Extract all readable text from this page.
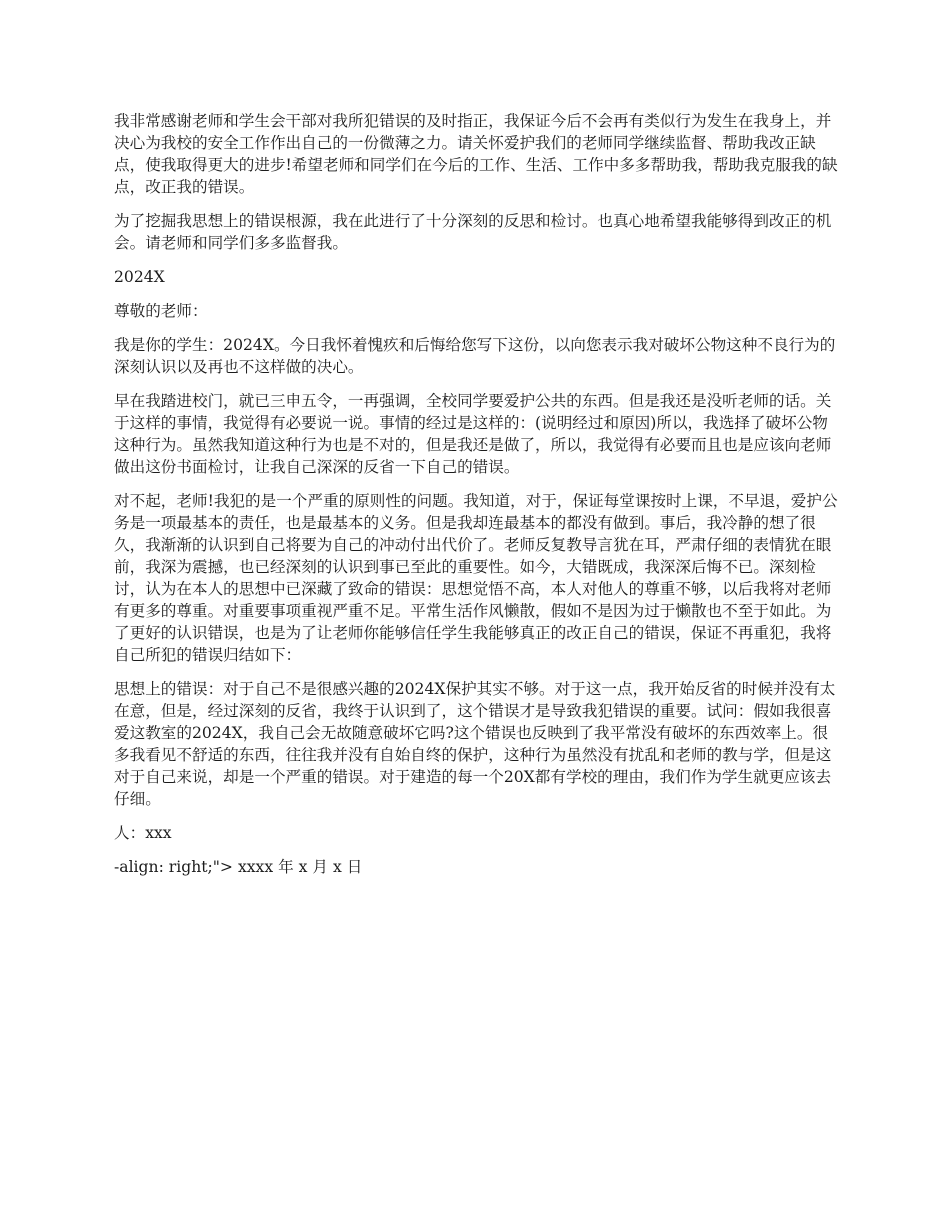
我非常感谢老师和学生会干部对我所犯错误的及时指正，我保证今后不会再有类似行为发生在我身上，并决心为我校的安全工作作出自己的一份微薄之力。请关怀爱护我们的老师同学继续监督、帮助我改正缺点，使我取得更大的进步!希望老师和同学们在今后的工作、生活、工作中多多帮助我，帮助我克服我的缺点，改正我的错误。

为了挖掘我思想上的错误根源，我在此进行了十分深刻的反思和检讨。也真心地希望我能够得到改正的机会。请老师和同学们多多监督我。

2024X

尊敬的老师：

我是你的学生：2024X。今日我怀着愧疚和后悔给您写下这份，以向您表示我对破坏公物这种不良行为的深刻认识以及再也不这样做的决心。

早在我踏进校门，就已三申五令，一再强调，全校同学要爱护公共的东西。但是我还是没听老师的话。关于这样的事情，我觉得有必要说一说。事情的经过是这样的：(说明经过和原因)所以，我选择了破坏公物这种行为。虽然我知道这种行为也是不对的，但是我还是做了，所以，我觉得有必要而且也是应该向老师做出这份书面检讨，让我自己深深的反省一下自己的错误。

对不起，老师!我犯的是一个严重的原则性的问题。我知道，对于，保证每堂课按时上课，不早退，爱护公务是一项最基本的责任，也是最基本的义务。但是我却连最基本的都没有做到。事后，我冷静的想了很久，我渐渐的认识到自己将要为自己的冲动付出代价了。老师反复教导言犹在耳，严肃仔细的表情犹在眼前，我深为震撼，也已经深刻的认识到事已至此的重要性。如今，大错既成，我深深后悔不已。深刻检讨，认为在本人的思想中已深藏了致命的错误：思想觉悟不高，本人对他人的尊重不够，以后我将对老师有更多的尊重。对重要事项重视严重不足。平常生活作风懒散，假如不是因为过于懒散也不至于如此。为了更好的认识错误，也是为了让老师你能够信任学生我能够真正的改正自己的错误，保证不再重犯，我将自己所犯的错误归结如下：

思想上的错误：对于自己不是很感兴趣的2024X保护其实不够。对于这一点，我开始反省的时候并没有太在意，但是，经过深刻的反省，我终于认识到了，这个错误才是导致我犯错误的重要。试问：假如我很喜爱这教室的2024X，我自己会无故随意破坏它吗?这个错误也反映到了我平常没有破坏的东西效率上。很多我看见不舒适的东西，往往我并没有自始自终的保护，这种行为虽然没有扰乱和老师的教与学，但是这对于自己来说，却是一个严重的错误。对于建造的每一个20X都有学校的理由，我们作为学生就更应该去仔细。

人：xxx

-align: right;"> xxxx 年 x 月 x 日
